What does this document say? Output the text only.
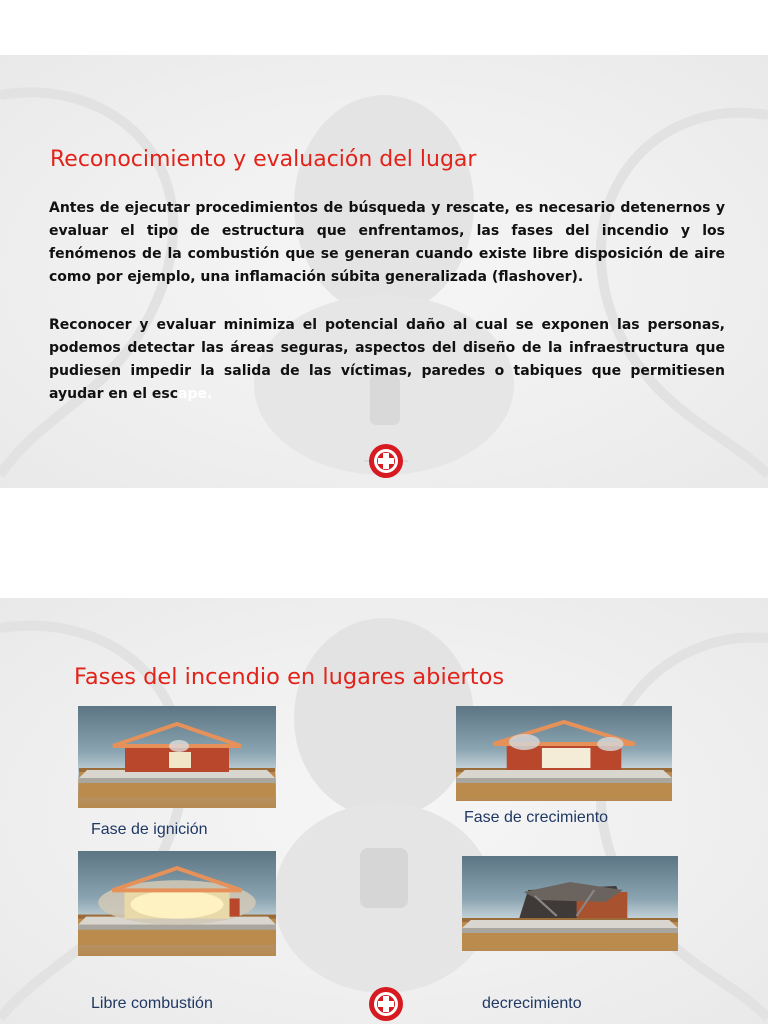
Reconocimiento y evaluación del lugar

Antes de ejecutar procedimientos de búsqueda y rescate, es necesario detenernos y evaluar el tipo de estructura que enfrentamos, las fases del incendio y los fenómenos de la combustión que se generan cuando existe libre disposición de aire como por ejemplo, una inflamación súbita generalizada (flashover).

Reconocer y evaluar minimiza el potencial daño al cual se exponen las personas, podemos detectar las áreas seguras, aspectos del diseño de la infraestructura que pudiesen impedir la salida de las víctimas, paredes o tabiques que permitiesen ayudar en el escape.

Fases del incendio en lugares abiertos
Fase de ignición
Fase de crecimiento
Libre combustión	decrecimiento
